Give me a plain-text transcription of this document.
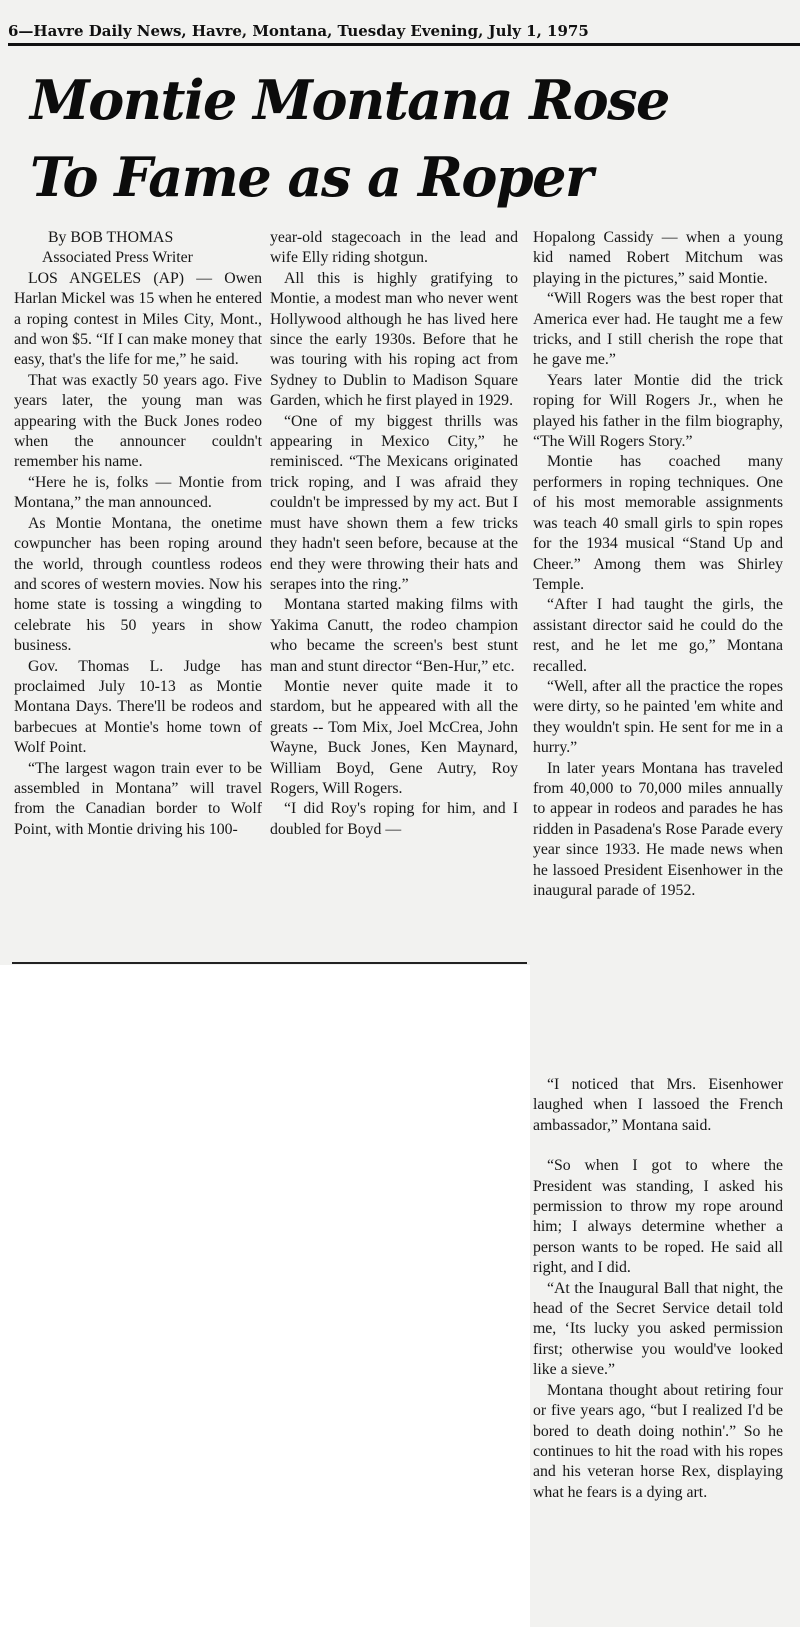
6—Havre Daily News, Havre, Montana, Tuesday Evening, July 1, 1975
Montie Montana Rose
To Fame as a Roper

By BOB THOMAS

Associated Press Writer

LOS ANGELES (AP) — Owen Harlan Mickel was 15 when he entered a roping contest in Miles City, Mont., and won $5. “If I can make money that easy, that's the life for me,” he said.

That was exactly 50 years ago. Five years later, the young man was appearing with the Buck Jones rodeo when the announcer couldn't remember his name.

“Here he is, folks — Montie from Montana,” the man announced.

As Montie Montana, the onetime cowpuncher has been roping around the world, through countless rodeos and scores of western movies. Now his home state is tossing a wingding to celebrate his 50 years in show business.

Gov. Thomas L. Judge has proclaimed July 10-13 as Montie Montana Days. There'll be rodeos and barbecues at Montie's home town of Wolf Point.

“The largest wagon train ever to be assembled in Montana” will travel from the Canadian border to Wolf Point, with Montie driving his 100-

year-old stagecoach in the lead and wife Elly riding shotgun.

All this is highly gratifying to Montie, a modest man who never went Hollywood although he has lived here since the early 1930s. Before that he was touring with his roping act from Sydney to Dublin to Madison Square Garden, which he first played in 1929.

“One of my biggest thrills was appearing in Mexico City,” he reminisced. “The Mexicans originated trick roping, and I was afraid they couldn't be impressed by my act. But I must have shown them a few tricks they hadn't seen before, because at the end they were throwing their hats and serapes into the ring.”

Montana started making films with Yakima Canutt, the rodeo champion who became the screen's best stunt man and stunt director “Ben-Hur,” etc.

Montie never quite made it to stardom, but he appeared with all the greats -- Tom Mix, Joel McCrea, John Wayne, Buck Jones, Ken Maynard, William Boyd, Gene Autry, Roy Rogers, Will Rogers.

“I did Roy's roping for him, and I doubled for Boyd —

Hopalong Cassidy — when a young kid named Robert Mitchum was playing in the pictures,” said Montie.

“Will Rogers was the best roper that America ever had. He taught me a few tricks, and I still cherish the rope that he gave me.”

Years later Montie did the trick roping for Will Rogers Jr., when he played his father in the film biography, “The Will Rogers Story.”

Montie has coached many performers in roping techniques. One of his most memorable assignments was teach 40 small girls to spin ropes for the 1934 musical “Stand Up and Cheer.” Among them was Shirley Temple.

“After I had taught the girls, the assistant director said he could do the rest, and he let me go,” Montana recalled.

“Well, after all the practice the ropes were dirty, so he painted 'em white and they wouldn't spin. He sent for me in a hurry.”

In later years Montana has traveled from 40,000 to 70,000 miles annually to appear in rodeos and parades he has ridden in Pasadena's Rose Parade every year since 1933. He made news when he lassoed President Eisenhower in the inaugural parade of 1952.

“I noticed that Mrs. Eisenhower laughed when I lassoed the French ambassador,” Montana said.

“So when I got to where the President was standing, I asked his permission to throw my rope around him; I always determine whether a person wants to be roped. He said all right, and I did.

“At the Inaugural Ball that night, the head of the Secret Service detail told me, ‘Its lucky you asked permission first; otherwise you would've looked like a sieve.”

Montana thought about retiring four or five years ago, “but I realized I'd be bored to death doing nothin'.” So he continues to hit the road with his ropes and his veteran horse Rex, displaying what he fears is a dying art.
